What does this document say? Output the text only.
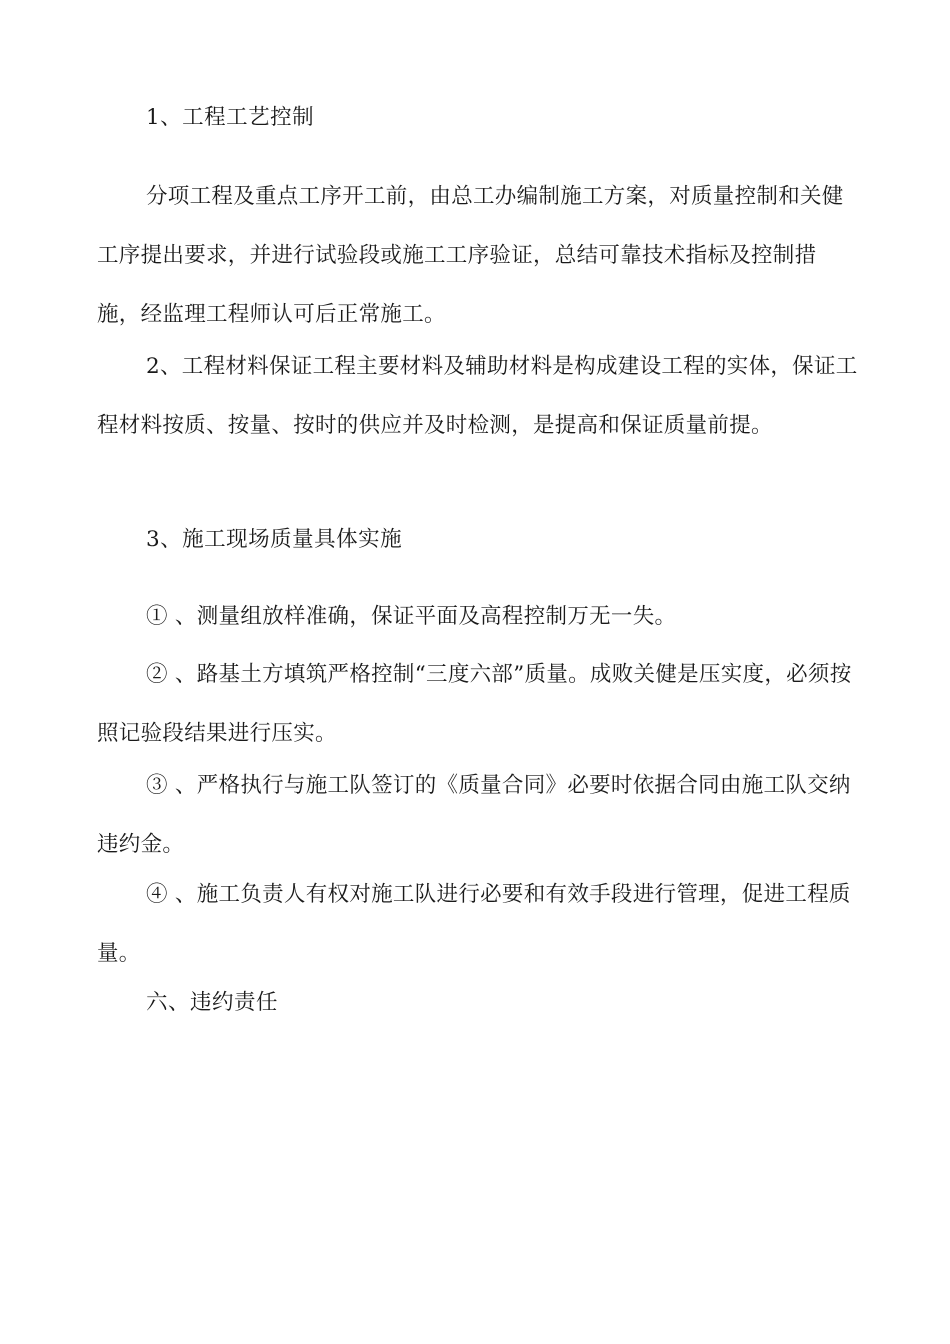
1、工程工艺控制

分项工程及重点工序开工前，由总工办编制施工方案，对质量控制和关健工序提出要求，并进行试验段或施工工序验证，总结可靠技术指标及控制措施，经监理工程师认可后正常施工。

2、工程材料保证工程主要材料及辅助材料是构成建设工程的实体，保证工程材料按质、按量、按时的供应并及时检测，是提高和保证质量前提。

3、施工现场质量具体实施

① 、测量组放样准确，保证平面及高程控制万无一失。

② 、路基土方填筑严格控制“三度六部”质量。成败关健是压实度，必须按照记验段结果进行压实。

③ 、严格执行与施工队签订的《质量合同》必要时依据合同由施工队交纳违约金。

④ 、施工负责人有权对施工队进行必要和有效手段进行管理，促进工程质量。

六、违约责任
